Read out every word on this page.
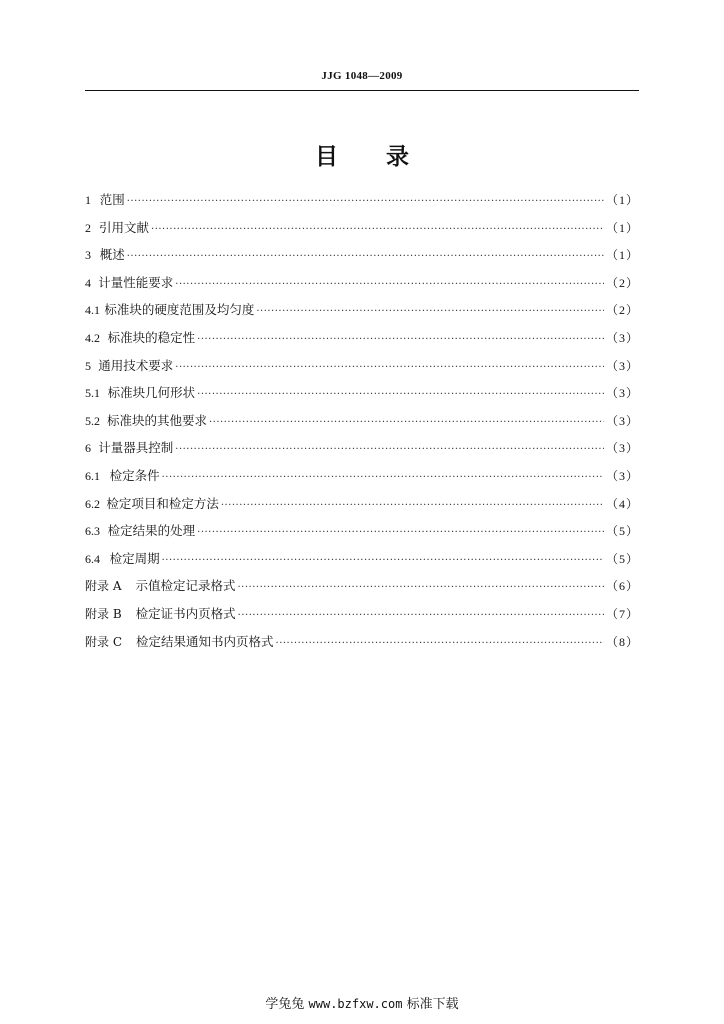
JJG 1048—2009
目 录
1 范围 ·····	（1）
2 引用文献 ·····	（1）
3 概述 ·····	（1）
4 计量性能要求 ·····	（2）
4.1 标准块的硬度范围及均匀度 ·····	（2）
4.2 标准块的稳定性 ·····	（3）
5 通用技术要求 ·····	（3）
5.1 标准块几何形状 ·····	（3）
5.2 标准块的其他要求 ·····	（3）
6 计量器具控制 ·····	（3）
6.1 检定条件 ·····	（3）
6.2 检定项目和检定方法 ·····	（4）
6.3 检定结果的处理 ·····	（5）
6.4 检定周期 ·····	（5）
附录 A 示值检定记录格式 ·····	（6）
附录 B 检定证书内页格式 ·····	（7）
附录 C 检定结果通知书内页格式 ·····	（8）
学兔兔 www.bzfxw.com 标准下载
